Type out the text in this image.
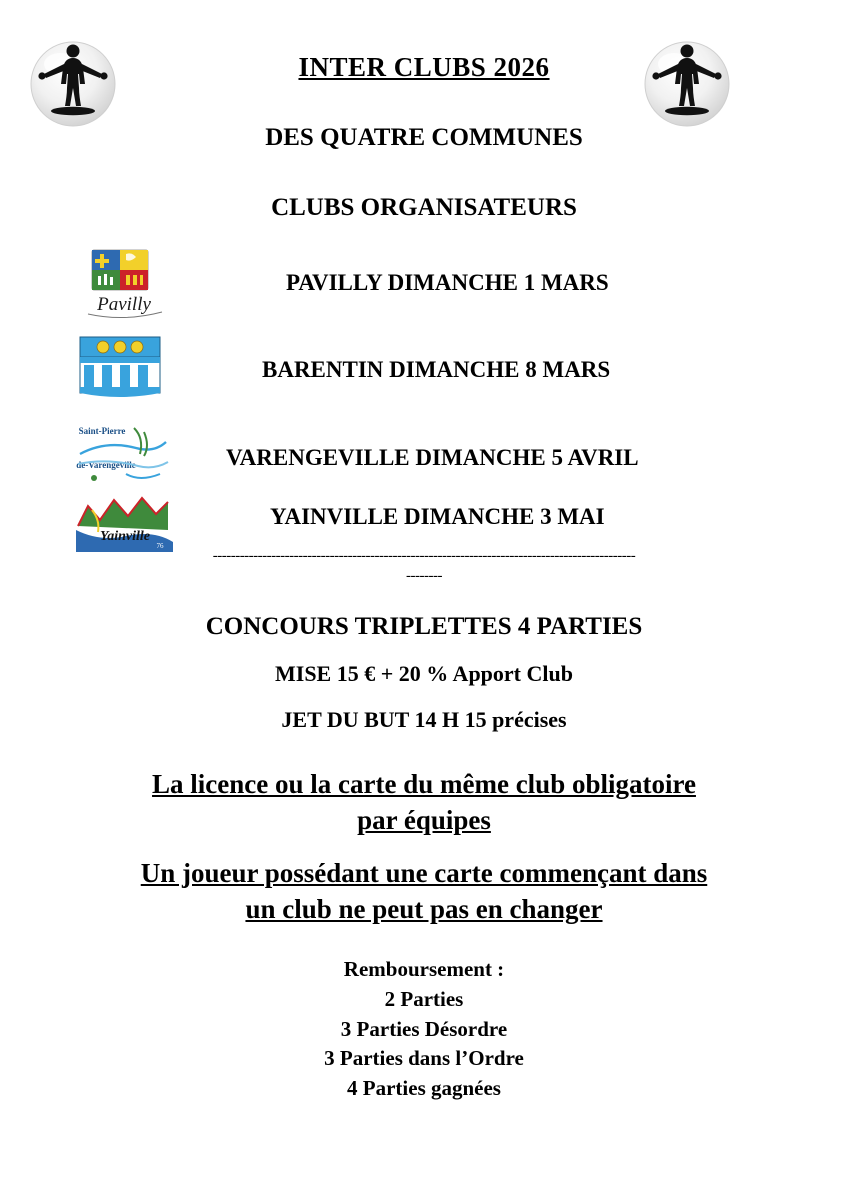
INTER CLUBS 2026
DES QUATRE COMMUNES
CLUBS ORGANISATEURS
Pavilly
Saint-Pierre
de-Varengeville
Yainville
76
PAVILLY DIMANCHE 1 MARS
BARENTIN DIMANCHE 8 MARS
VARENGEVILLE DIMANCHE 5 AVRIL
YAINVILLE DIMANCHE 3 MAI
----------------------------------------------------------------------------------------------
--------
CONCOURS TRIPLETTES 4 PARTIES
MISE 15 € + 20 % Apport Club
JET DU BUT 14 H 15 précises
La licence ou la carte du même club obligatoire
par équipes
Un joueur possédant une carte commençant dans
un club ne peut pas en changer
Remboursement :
2 Parties
3 Parties Désordre
3 Parties dans l’Ordre
4 Parties gagnées
